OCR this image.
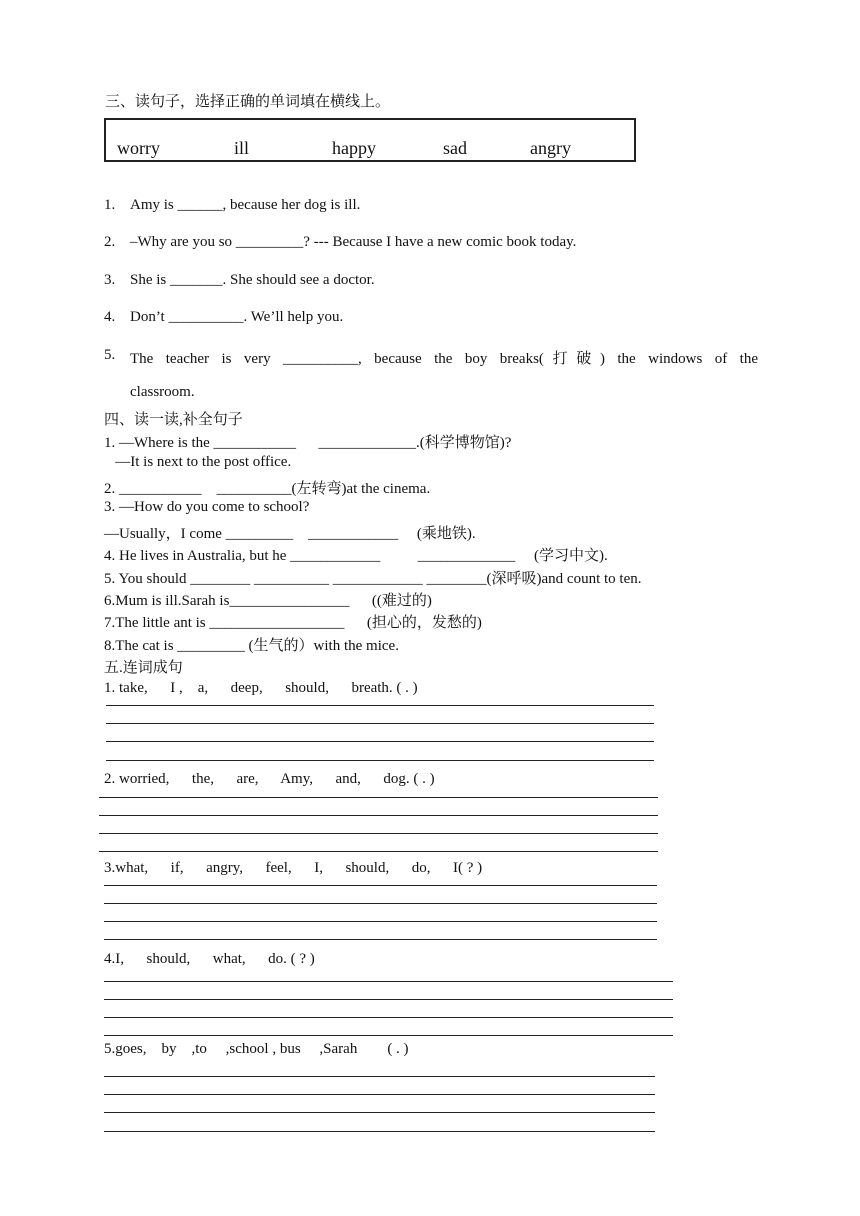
三、读句子，选择正确的单词填在横线上。
worry	ill	happy	sad	angry
1. Amy is ______, because her dog is ill.
2. –Why are you so _________? --- Because I have a new comic book today.
3. She is _______. She should see a doctor.
4. Don’t __________. We’ll help you.
5. The teacher is very __________, because the boy breaks(打破) the windows of the
classroom.
四、读一读,补全句子
1. —Where is the ___________      _____________.(科学博物馆)?
—It is next to the post office.
2. ___________    __________(左转弯)at the cinema.
3. —How do you come to school?
—Usually，I come _________    ____________     (乘地铁).
4. He lives in Australia, but he ____________          _____________     (学习中文).
5. You should ________ __________ ____________ ________(深呼吸)and count to ten.
6.Mum is ill.Sarah is________________      ((难过的)
7.The little ant is __________________      (担心的，发愁的)
8.The cat is _________ (生气的）with the mice.
五.连词成句
1. take,      I ,    a,      deep,      should,      breath. ( . )
2. worried,      the,      are,      Amy,      and,      dog. ( . )
3.what,      if,      angry,      feel,      I,      should,      do,      I( ? )
4.I,      should,      what,      do. ( ? )
5.goes,    by    ,to     ,school , bus     ,Sarah        ( . )
